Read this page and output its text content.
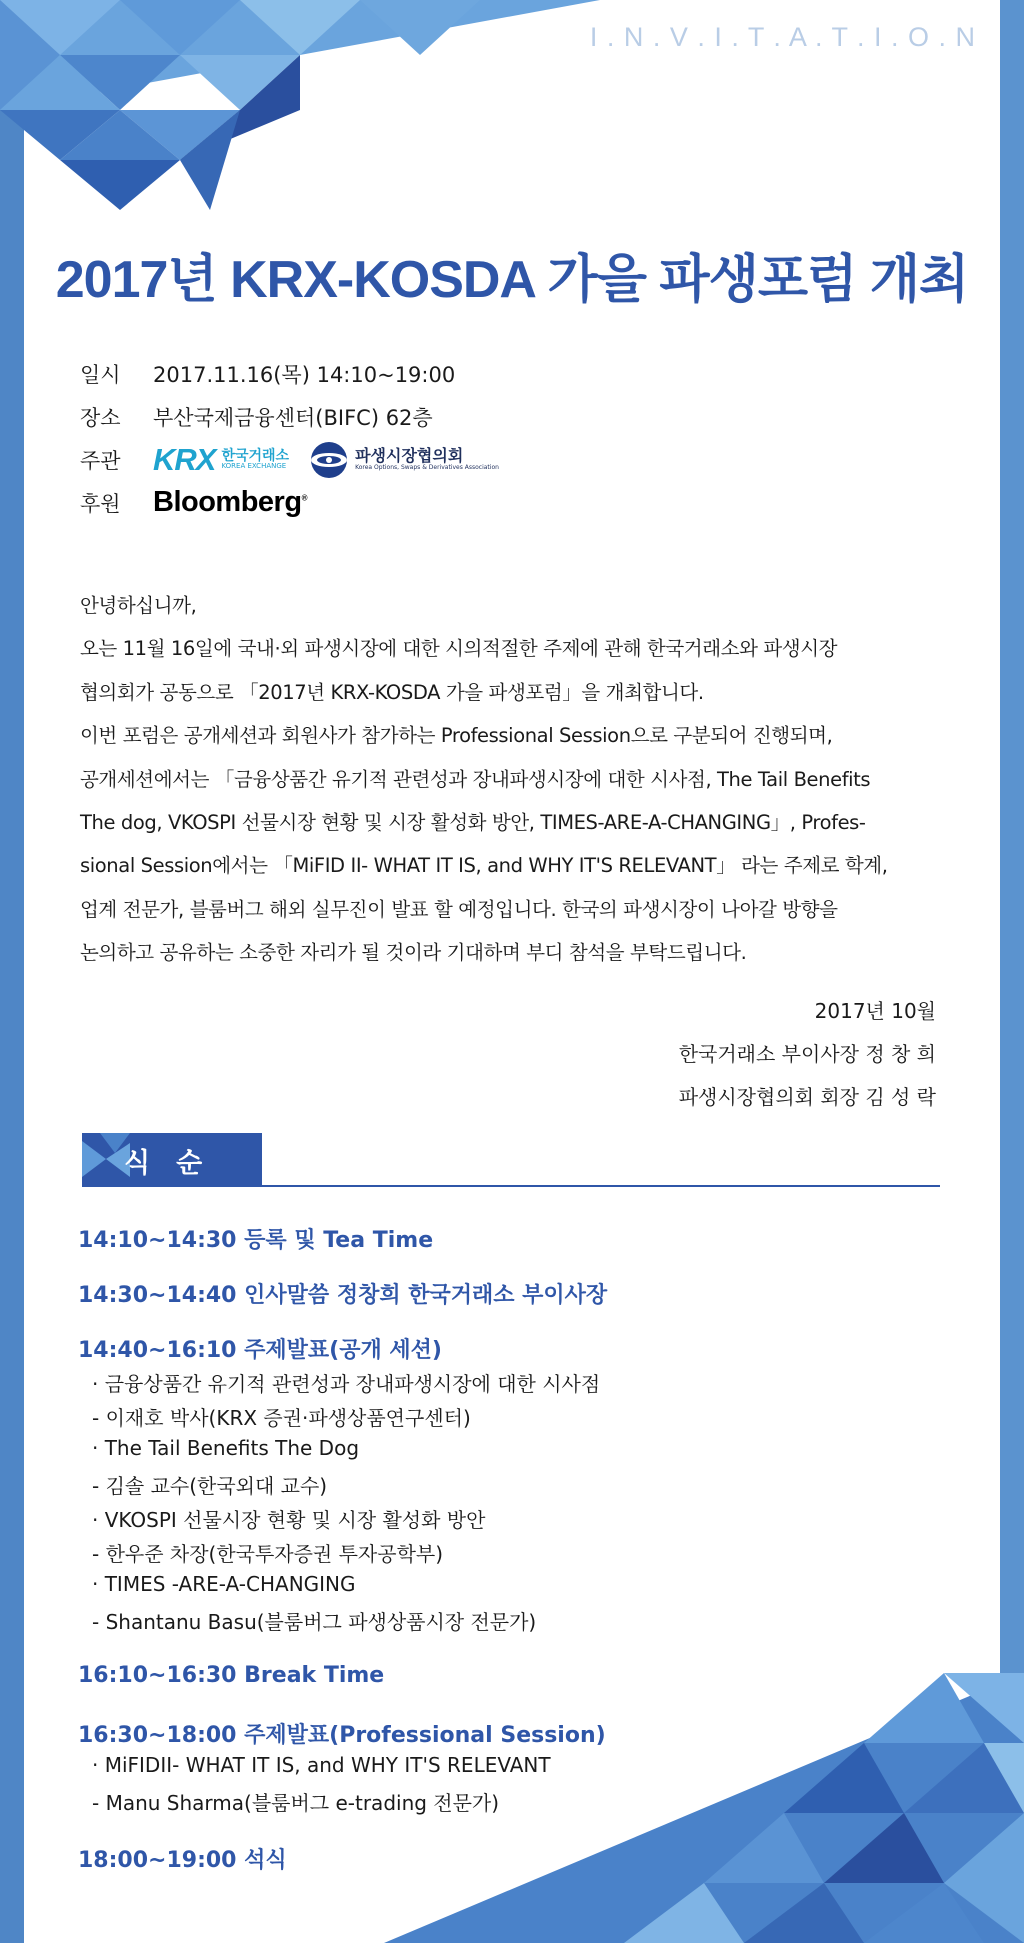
I . N . V . I . T . A . T . I . O . N
2017년 KRX-KOSDA 가을 파생포럼 개최
일시	2017.11.16(목) 14:10~19:00
장소	부산국제금융센터(BIFC) 62층
주관	KRX 한국거래소
KOREA EXCHANGE
파생시장협의회
Korea Options, Swaps & Derivatives Association
후원	Bloomberg®

안녕하십니까,

오는 11월 16일에 국내·외 파생시장에 대한 시의적절한 주제에 관해 한국거래소와 파생시장

협의회가 공동으로 「2017년 KRX-KOSDA 가을 파생포럼」을 개최합니다.

이번 포럼은 공개세션과 회원사가 참가하는 Professional Session으로 구분되어 진행되며,

공개세션에서는 「금융상품간 유기적 관련성과 장내파생시장에 대한 시사점, The Tail Benefits

The dog, VKOSPI 선물시장 현황 및 시장 활성화 방안, TIMES-ARE-A-CHANGING」, Profes-

sional Session에서는 「MiFID II- WHAT IT IS, and WHY IT'S RELEVANT」 라는 주제로 학계,

업계 전문가, 블룸버그 해외 실무진이 발표 할 예정입니다. 한국의 파생시장이 나아갈 방향을

논의하고 공유하는 소중한 자리가 될 것이라 기대하며 부디 참석을 부탁드립니다.

2017년 10월
한국거래소 부이사장 정 창 희
파생시장협의회 회장 김 성 락
식순
14:10~14:30 등록 및 Tea Time
14:30~14:40 인사말씀 정창희 한국거래소 부이사장
14:40~16:10 주제발표(공개 세션)
· 금융상품간 유기적 관련성과 장내파생시장에 대한 시사점
- 이재호 박사(KRX 증권·파생상품연구센터)
· The Tail Benefits The Dog
- 김솔 교수(한국외대 교수)
· VKOSPI 선물시장 현황 및 시장 활성화 방안
- 한우준 차장(한국투자증권 투자공학부)
· TIMES -ARE-A-CHANGING
- Shantanu Basu(블룸버그 파생상품시장 전문가)
16:10~16:30 Break Time
16:30~18:00 주제발표(Professional Session)
· MiFIDII- WHAT IT IS, and WHY IT'S RELEVANT
- Manu Sharma(블룸버그 e-trading 전문가)
18:00~19:00 석식
